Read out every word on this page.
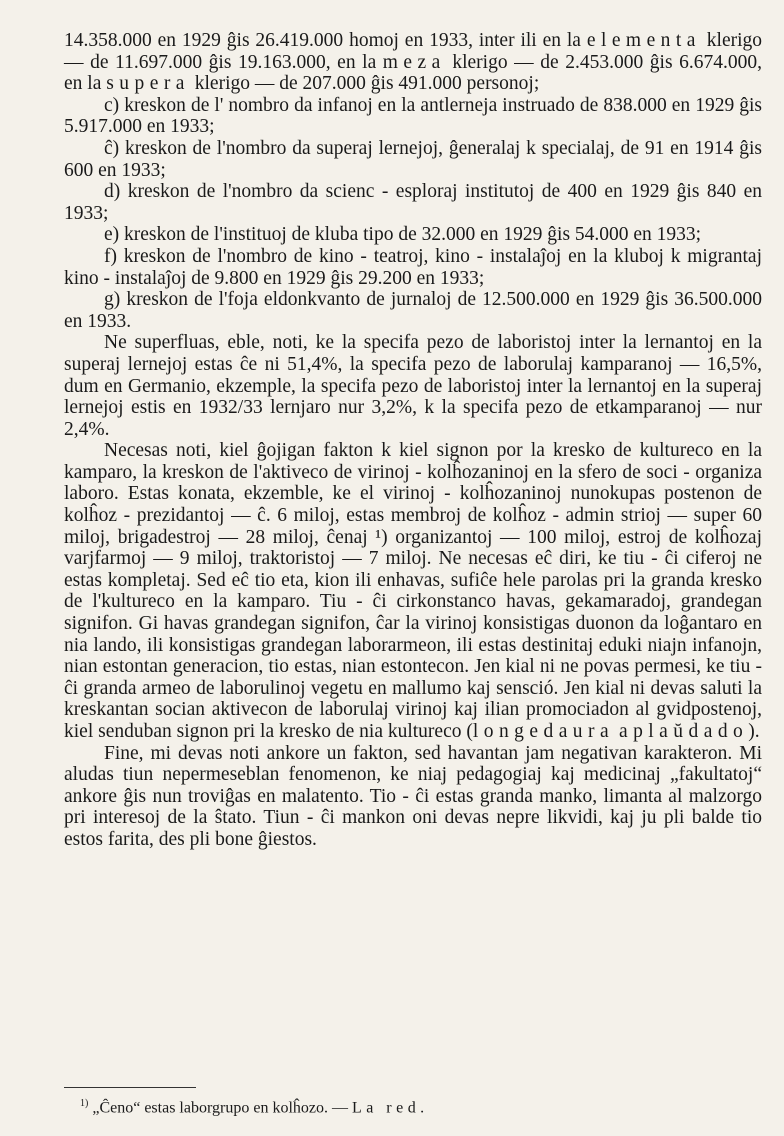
14.358.000 en 1929 ĝis 26.419.000 homoj en 1933, inter ili en la elementa klerigo — de 11.697.000 ĝis 19.163.000, en la meza klerigo — de 2.453.000 ĝis 6.674.000, en la supera klerigo — de 207.000 ĝis 491.000 personoj;

c) kreskon de l' nombro da infanoj en la antlerneja instruado de 838.000 en 1929 ĝis 5.917.000 en 1933;

ĉ) kreskon de l'nombro da superaj lernejoj, ĝeneralaj k specialaj, de 91 en 1914 ĝis 600 en 1933;

d) kreskon de l'nombro da scienc - esploraj institutoj de 400 en 1929 ĝis 840 en 1933;

e) kreskon de l'instituoj de kluba tipo de 32.000 en 1929 ĝis 54.000 en 1933;

f) kreskon de l'nombro de kino - teatroj, kino - instalaĵoj en la kluboj k migrantaj kino - instalaĵoj de 9.800 en 1929 ĝis 29.200 en 1933;

g) kreskon de l'foja eldonkvanto de jurnaloj de 12.500.000 en 1929 ĝis 36.500.000 en 1933.

Ne superfluas, eble, noti, ke la specifa pezo de laboristoj inter la lernantoj en la superaj lernejoj estas ĉe ni 51,4%, la specifa pezo de laborulaj kamparanoj — 16,5%, dum en Germanio, ekzemple, la specifa pezo de laboristoj inter la lernantoj en la superaj lernejoj estis en 1932/33 lernjaro nur 3,2%, k la specifa pezo de etkamparanoj — nur 2,4%.

Necesas noti, kiel ĝojigan fakton k kiel signon por la kresko de kultureco en la kamparo, la kreskon de l'aktiveco de virinoj - kolĥozaninoj en la sfero de soci - organiza laboro. Estas konata, ekzemble, ke el virinoj - kolĥozaninoj nunokupas postenon de kolĥoz - prezidantoj — ĉ. 6 miloj, estas membroj de kolĥoz - admin strioj — super 60 miloj, brigadestroj — 28 miloj, ĉenaj ¹) organizantoj — 100 miloj, estroj de kolĥozaj varjfarmoj — 9 miloj, traktoristoj — 7 miloj. Ne necesas eĉ diri, ke tiu - ĉi ciferoj ne estas kompletaj. Sed eĉ tio eta, kion ili enhavas, sufiĉe hele parolas pri la granda kresko de l'kultureco en la kamparo. Tiu - ĉi cirkonstanco havas, gekamaradoj, grandegan signifon. Gi havas grandegan signifon, ĉar la virinoj konsistigas duonon da loĝantaro en nia lando, ili konsistigas grandegan laborarmeon, ili estas destinitaj eduki niajn infanojn, nian estontan generacion, tio estas, nian estontecon. Jen kial ni ne povas permesi, ke tiu - ĉi granda armeo de laborulinoj vegetu en mallumo kaj sensció. Jen kial ni devas saluti la kreskantan socian aktivecon de laborulaj virinoj kaj ilian promociadon al gvidpostenoj, kiel senduban signon pri la kresko de nia kultureco (longedaura aplaŭdado).

Fine, mi devas noti ankore un fakton, sed havantan jam negativan karakteron. Mi aludas tiun nepermeseblan fenomenon, ke niaj pedagogiaj kaj medicinaj „fakultatoj“ ankore ĝis nun troviĝas en malatento. Tio - ĉi estas granda manko, limanta al malzorgo pri interesoj de la ŝtato. Tiun - ĉi mankon oni devas nepre likvidi, kaj ju pli balde tio estos farita, des pli bone ĝiestos.

$^{1)}$ „Ĉeno“ estas laborgrupo en kolĥozo. — La red.
